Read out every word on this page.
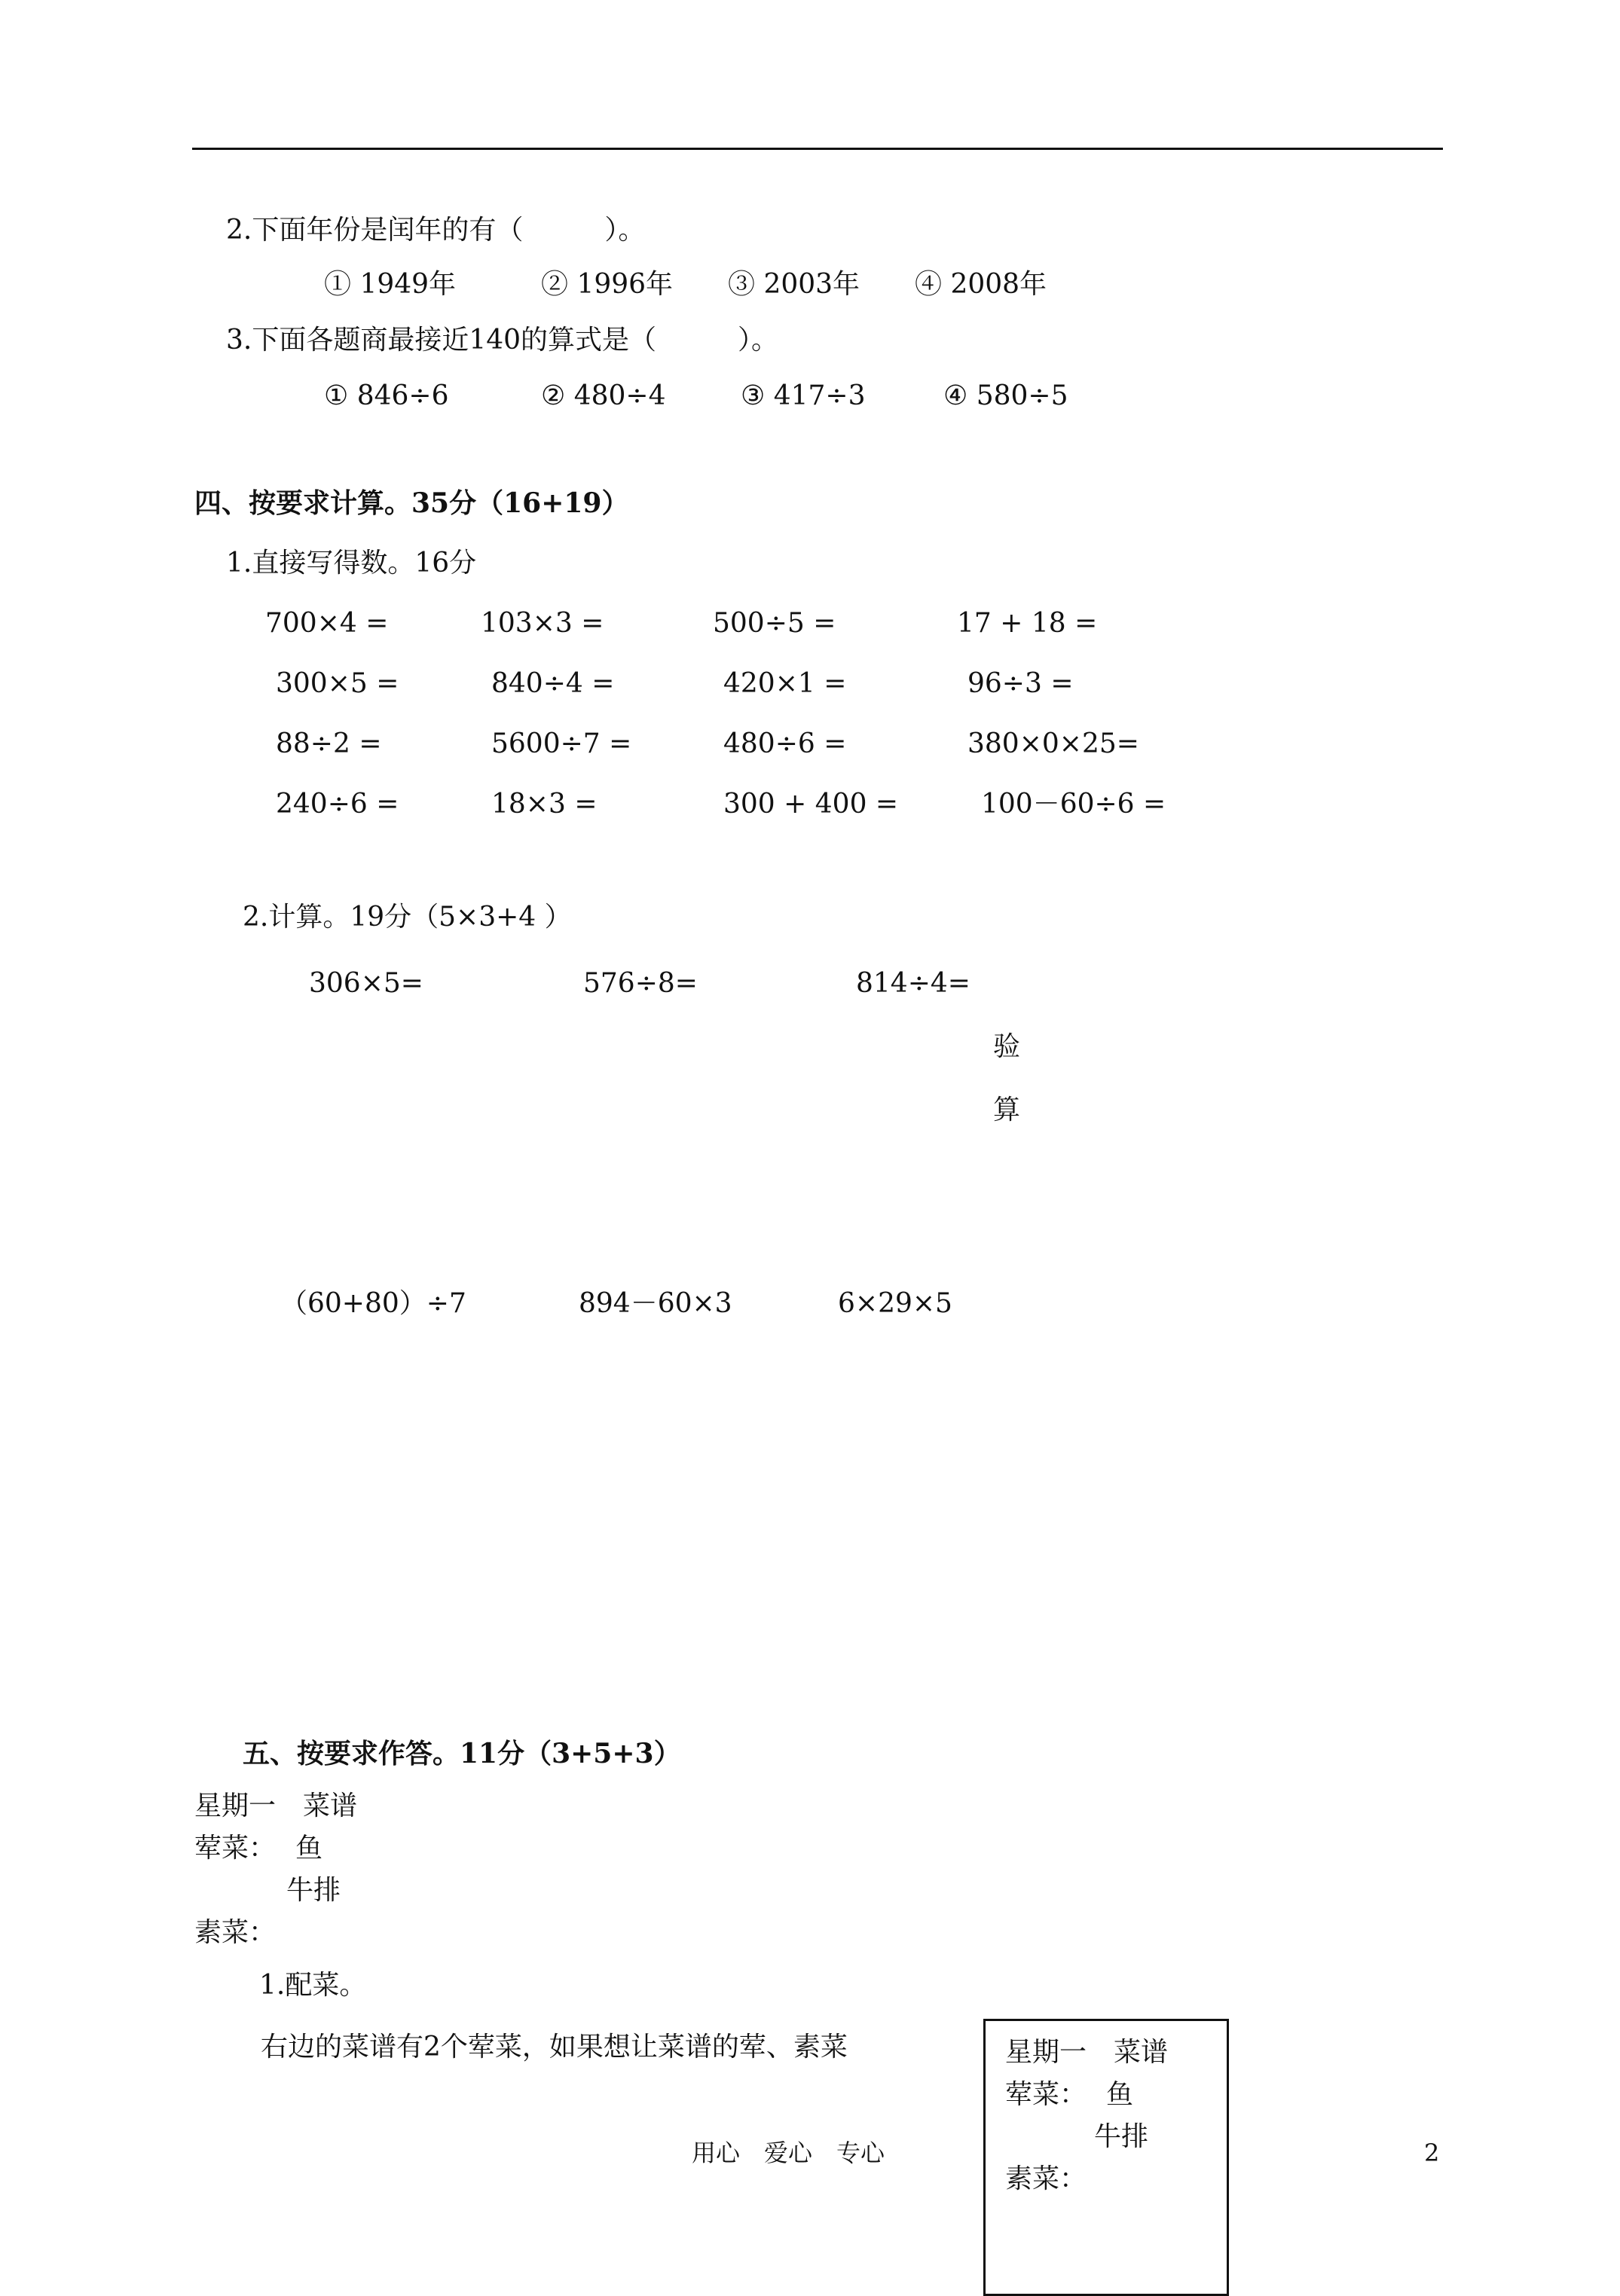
2.下面年份是闰年的有（　　　）。
① 1949年	② 1996年 ③ 2003年 ④ 2008年
3.下面各题商最接近140的算式是（　　　）。
① 846÷6	② 480÷4	③ 417÷3	④ 580÷5
四、按要求计算。35分（16+19）
1.直接写得数。16分
700×4 =	103×3 =	500÷5 =	17 + 18 =
300×5 =	840÷4 =	420×1 =	96÷3 =
88÷2 =	5600÷7 =	480÷6 =	380×0×25=
240÷6 =	18×3 =	300 + 400 =	100－60÷6 =
2.计算。19分（5×3+4 ）
306×5=	576÷8=	814÷4=
验
算
（60+80）÷7	894－60×3	6×29×5
五、按要求作答。11分（3+5+3）
星期一　菜谱
荤菜： 鱼
牛排
素菜：
1.配菜。
右边的菜谱有2个荤菜，如果想让菜谱的荤、素菜	星期一　菜谱
荤菜： 鱼
牛排
素菜：
用心　爱心　专心	2
